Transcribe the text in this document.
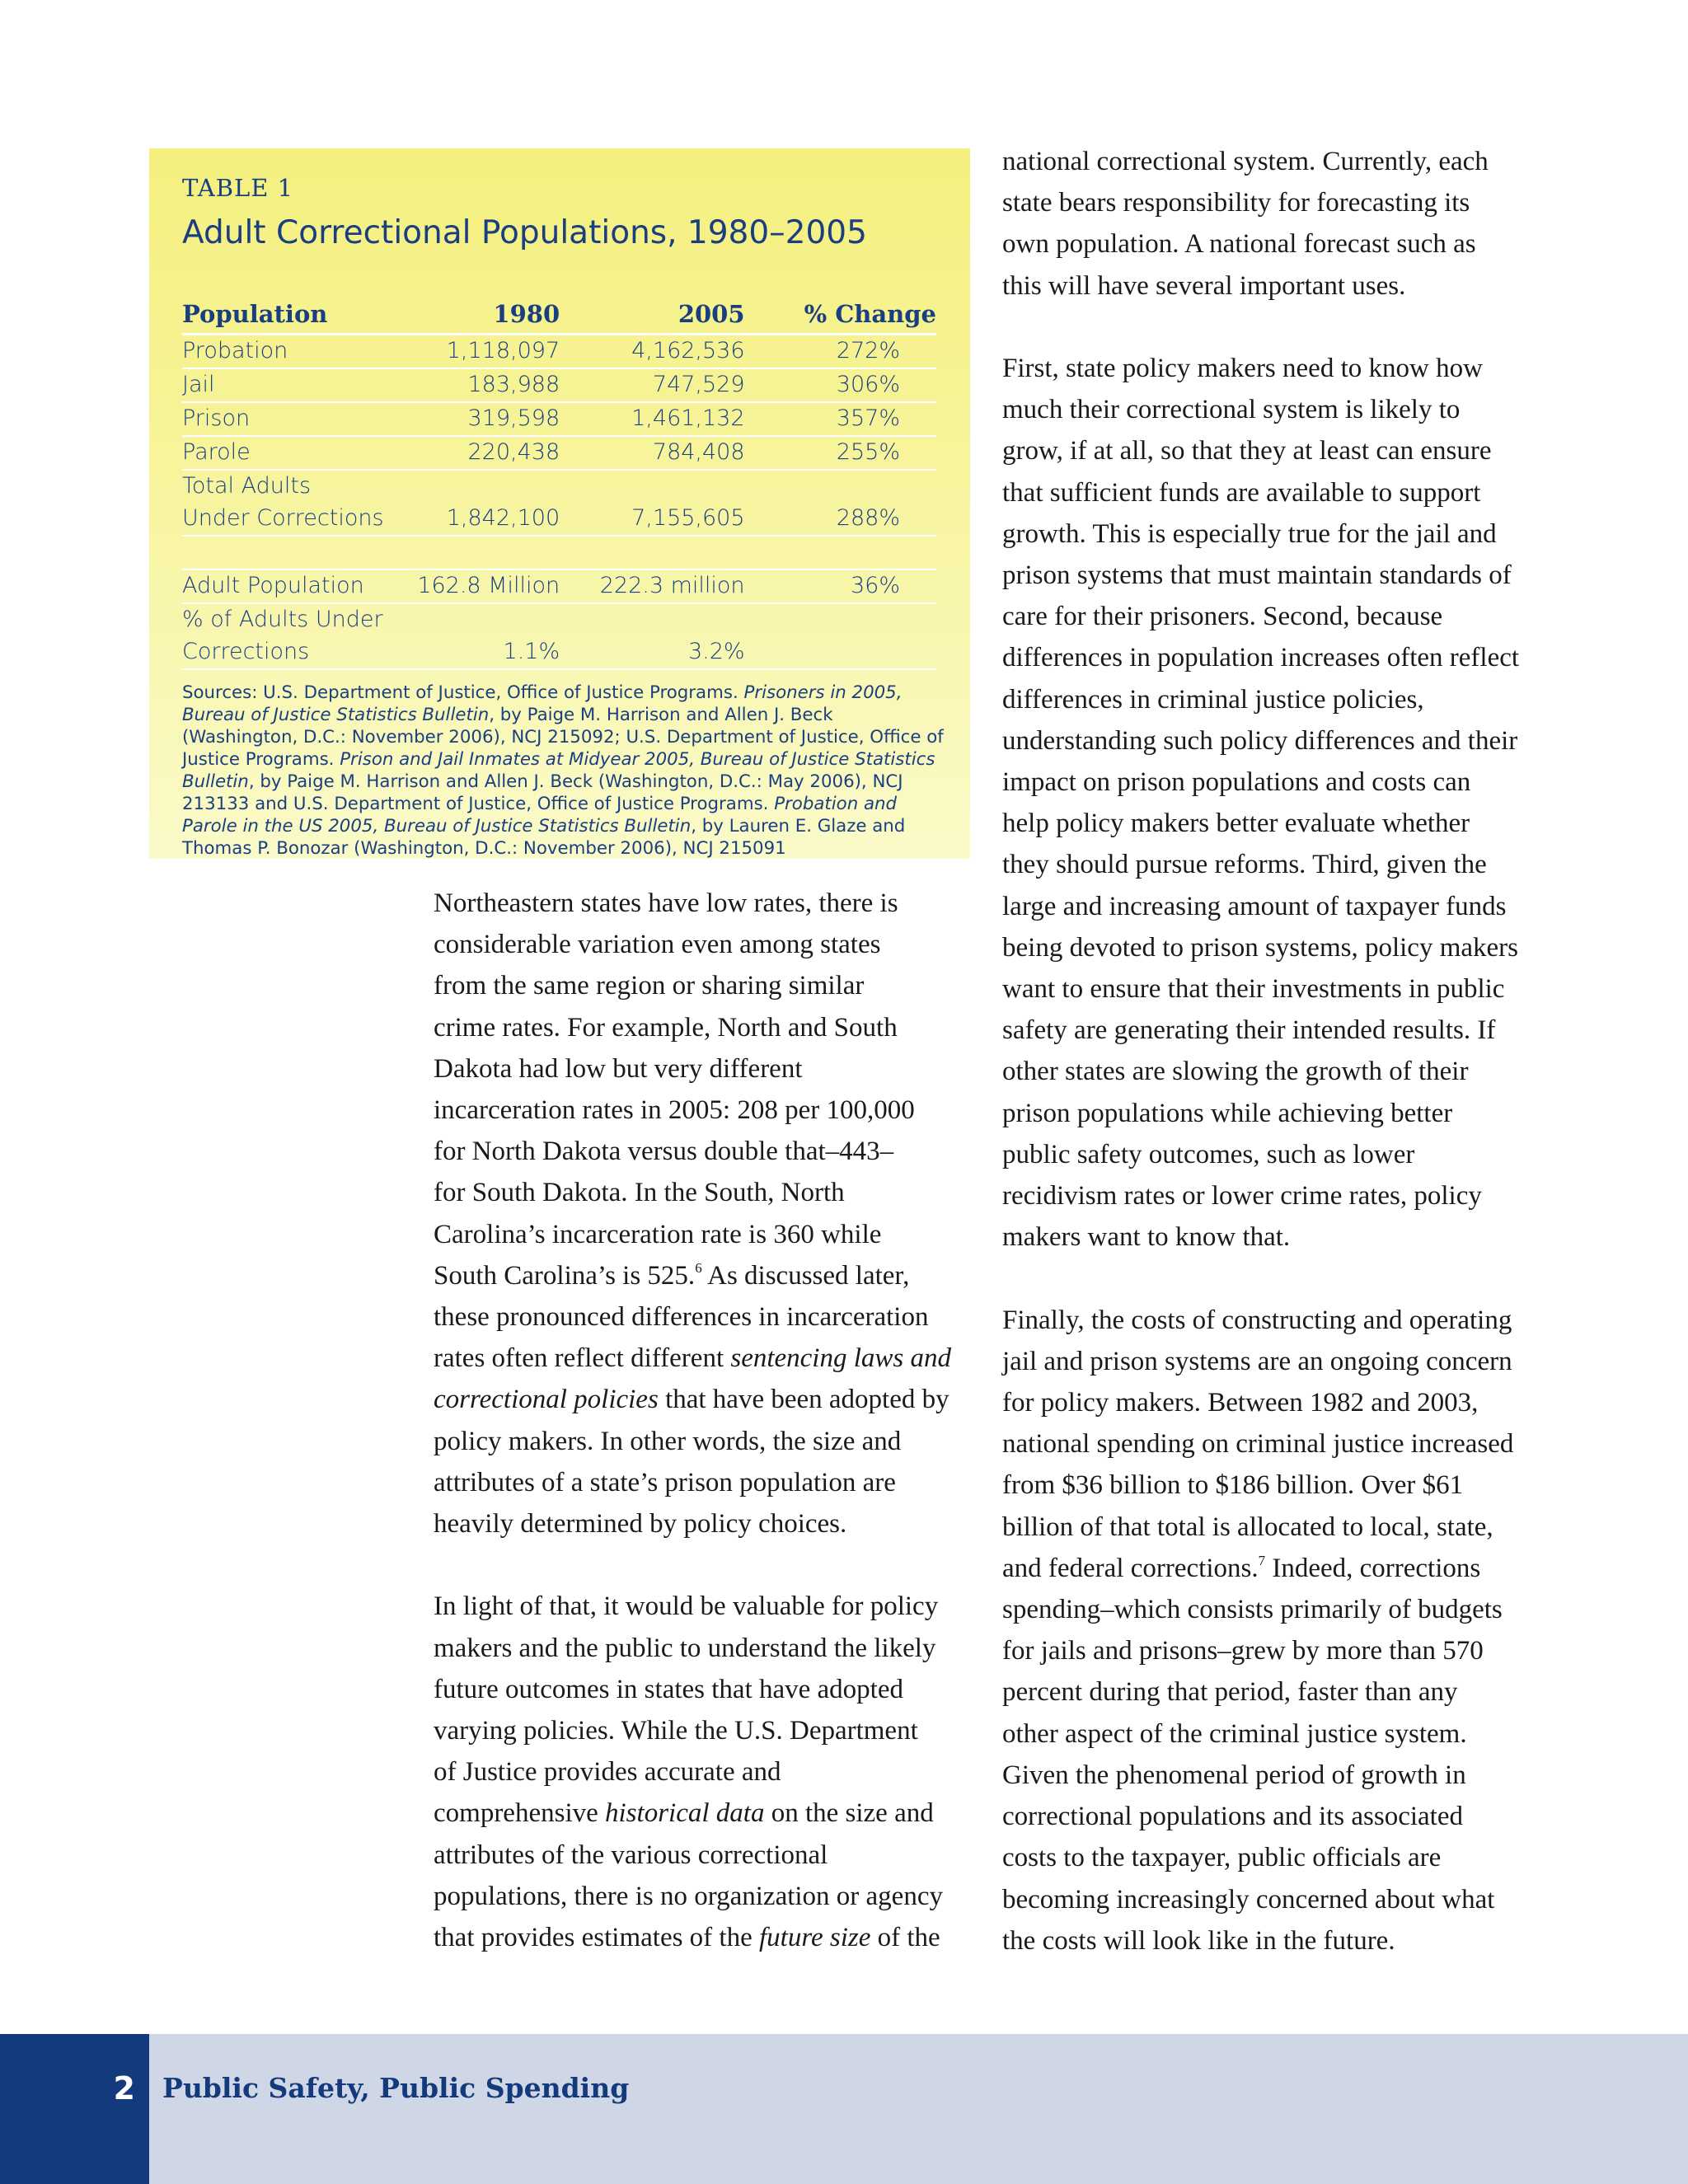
TABLE 1
Adult Correctional Populations, 1980–2005
Population	1980	2005	% Change
Probation	1,118,097	4,162,536	272%
Jail	183,988	747,529	306%
Prison	319,598	1,461,132	357%
Parole	220,438	784,408	255%
Total Adults			
Under Corrections	1,842,100	7,155,605	288%

Adult Population	162.8 Million	222.3 million	36%
% of Adults Under			
Corrections	1.1%	3.2%	
Sources: U.S. Department of Justice, Office of Justice Programs. Prisoners in 2005, Bureau of Justice Statistics Bulletin, by Paige M. Harrison and Allen J. Beck (Washington, D.C.: November 2006), NCJ 215092; U.S. Department of Justice, Office of Justice Programs. Prison and Jail Inmates at Midyear 2005, Bureau of Justice Statistics Bulletin, by Paige M. Harrison and Allen J. Beck (Washington, D.C.: May 2006), NCJ 213133 and U.S. Department of Justice, Office of Justice Programs. Probation and Parole in the US 2005, Bureau of Justice Statistics Bulletin, by Lauren E. Glaze and Thomas P. Bonozar (Washington, D.C.: November 2006), NCJ 215091

Northeastern states have low rates, there is
considerable variation even among states
from the same region or sharing similar
crime rates. For example, North and South
Dakota had low but very different
incarceration rates in 2005: 208 per 100,000
for North Dakota versus double that–443–
for South Dakota. In the South, North
Carolina’s incarceration rate is 360 while
South Carolina’s is 525.$^6$ As discussed later,
these pronounced differences in incarceration
rates often reflect different sentencing laws and
correctional policies that have been adopted by
policy makers. In other words, the size and
attributes of a state’s prison population are
heavily determined by policy choices.

In light of that, it would be valuable for policy
makers and the public to understand the likely
future outcomes in states that have adopted
varying policies. While the U.S. Department
of Justice provides accurate and
comprehensive historical data on the size and
attributes of the various correctional
populations, there is no organization or agency
that provides estimates of the future size of the

national correctional system. Currently, each
state bears responsibility for forecasting its
own population. A national forecast such as
this will have several important uses.

First, state policy makers need to know how
much their correctional system is likely to
grow, if at all, so that they at least can ensure
that sufficient funds are available to support
growth. This is especially true for the jail and
prison systems that must maintain standards of
care for their prisoners. Second, because
differences in population increases often reflect
differences in criminal justice policies,
understanding such policy differences and their
impact on prison populations and costs can
help policy makers better evaluate whether
they should pursue reforms. Third, given the
large and increasing amount of taxpayer funds
being devoted to prison systems, policy makers
want to ensure that their investments in public
safety are generating their intended results. If
other states are slowing the growth of their
prison populations while achieving better
public safety outcomes, such as lower
recidivism rates or lower crime rates, policy
makers want to know that.

Finally, the costs of constructing and operating
jail and prison systems are an ongoing concern
for policy makers. Between 1982 and 2003,
national spending on criminal justice increased
from $36 billion to $186 billion. Over $61
billion of that total is allocated to local, state,
and federal corrections.$^7$ Indeed, corrections
spending–which consists primarily of budgets
for jails and prisons–grew by more than 570
percent during that period, faster than any
other aspect of the criminal justice system.
Given the phenomenal period of growth in
correctional populations and its associated
costs to the taxpayer, public officials are
becoming increasingly concerned about what
the costs will look like in the future.

2 Public Safety, Public Spending
